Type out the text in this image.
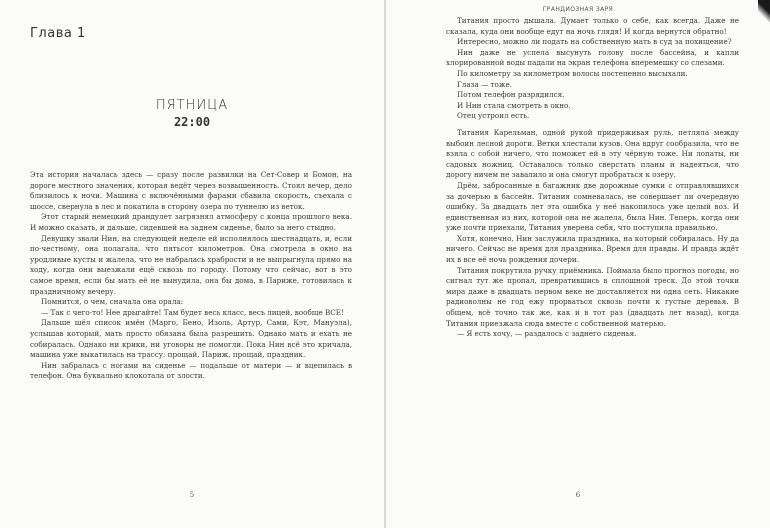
Глава 1
ПЯТНИЦА
22:00

Эта история началась здесь — сразу после развилки на Сет-Совер и Бомон, на дороге местного значения, которая ведёт через возвышенность. Стоял вечер, дело близилось к ночи. Машина с включёнными фарами сбавила скорость, съехала с шоссе, свернула в лес и покатила в сторону озера по туннелю из веток.

Этот старый немецкий драндулет загрязнял атмосферу с конца прошлого века. И можно сказать, и дальше, сидевшей на заднем сиденье, было за него стыдно.

Девушку звали Нин, на следующей неделе ей исполнялось шестнадцать, и, если по-честному, она полагала, что пятьсот километров. Она смотрела в окно на уродливые кусты и жалела, что не набралась храбрости и не выпрыгнула прямо на ходу, когда они выезжали ещё сквозь по городу. Потому что сейчас, вот в это самое время, если бы мать её не вынудила, она бы дома, в Париже, готовилась к праздничному вечеру.

Помнится, о чем, сначала она орала:

— Так с чего-то! Нее дрыгайте! Там будет весь класс, весь лицей, вообще ВСЕ!

Дальше шёл список имён (Марго, Бено, Изоль, Артур, Сами, Кэт, Мануэла), услышав который, мать просто обязана была разрешить. Однако мать и ехать не собиралась. Однако ни крики, ни уговоры не помогли. Пока Нин всё это кричала, машина уже выкатилась на трассу: прощай, Париж, прощай, праздник.

Нин забралась с ногами на сиденье — подальше от матери — и вцепилась в телефон. Она буквально клокотала от злости.

5
ГРАНДИОЗНАЯ ЗАРЯ

Титания просто дышала. Думает только о себе, как всегда. Даже не сказала, куда они вообще едут на ночь глядя! И когда вернутся обратно!

Интересно, можно ли подать на собственную мать в суд за похищение?

Нин даже не успела высунуть голову после бассейна, и капли хлорированной воды падали на экран телефона вперемешку со слезами.

По километру за километром волосы постепенно высыхали.

Глаза — тоже.

Потом телефон разрядился.

И Нин стала смотреть в окно.

Отец устроил есть.

Титания Карельман, одной рукой придерживая руль, петляла между выбоин лесной дороги. Ветки хлестали кузов. Она вдруг сообразила, что не взяла с собой ничего, что поможет ей в эту чёрную тоже. Ни лопаты, ни садовых ножниц. Оставалось только сверстать планы и надеяться, что дорогу ничем не завалило и она смогут пробраться к озеру.

Дрём, забросанные в багажник две дорожные сумки с отправлявшихся за дочерью в бассейн. Титания сомневалась, не совершает ли очередную ошибку. За двадцать лет эта ошибка у неё накопилось уже целый воз. И единственная из них, которой она не жалела, была Нин. Теперь, когда они уже почти приехали, Титания уверена себя, что поступила правильно.

Хотя, конечно, Нин заслужила праздника, на который собиралась. Ну да ничего. Сейчас не время для праздника. Время для правды. И правда ждёт их в все её ночь рождения дочери.

Титания покрутила ручку приёмника. Поймала было прогноз погоды, но сигнал тут же пропал, превратившись в сплошной треск. До этой точки мира даже в двадцать первом веке не доставляется ни одна сеть. Никакие радиоволны не год ежу прорваться сквозь почти к густые деревья. В общем, всё точно так же, как и в тот раз (двадцать лет назад), когда Титания приезжала сюда вместе с собственной матерью.

— Я есть хочу, — раздалось с заднего сиденья.

6
